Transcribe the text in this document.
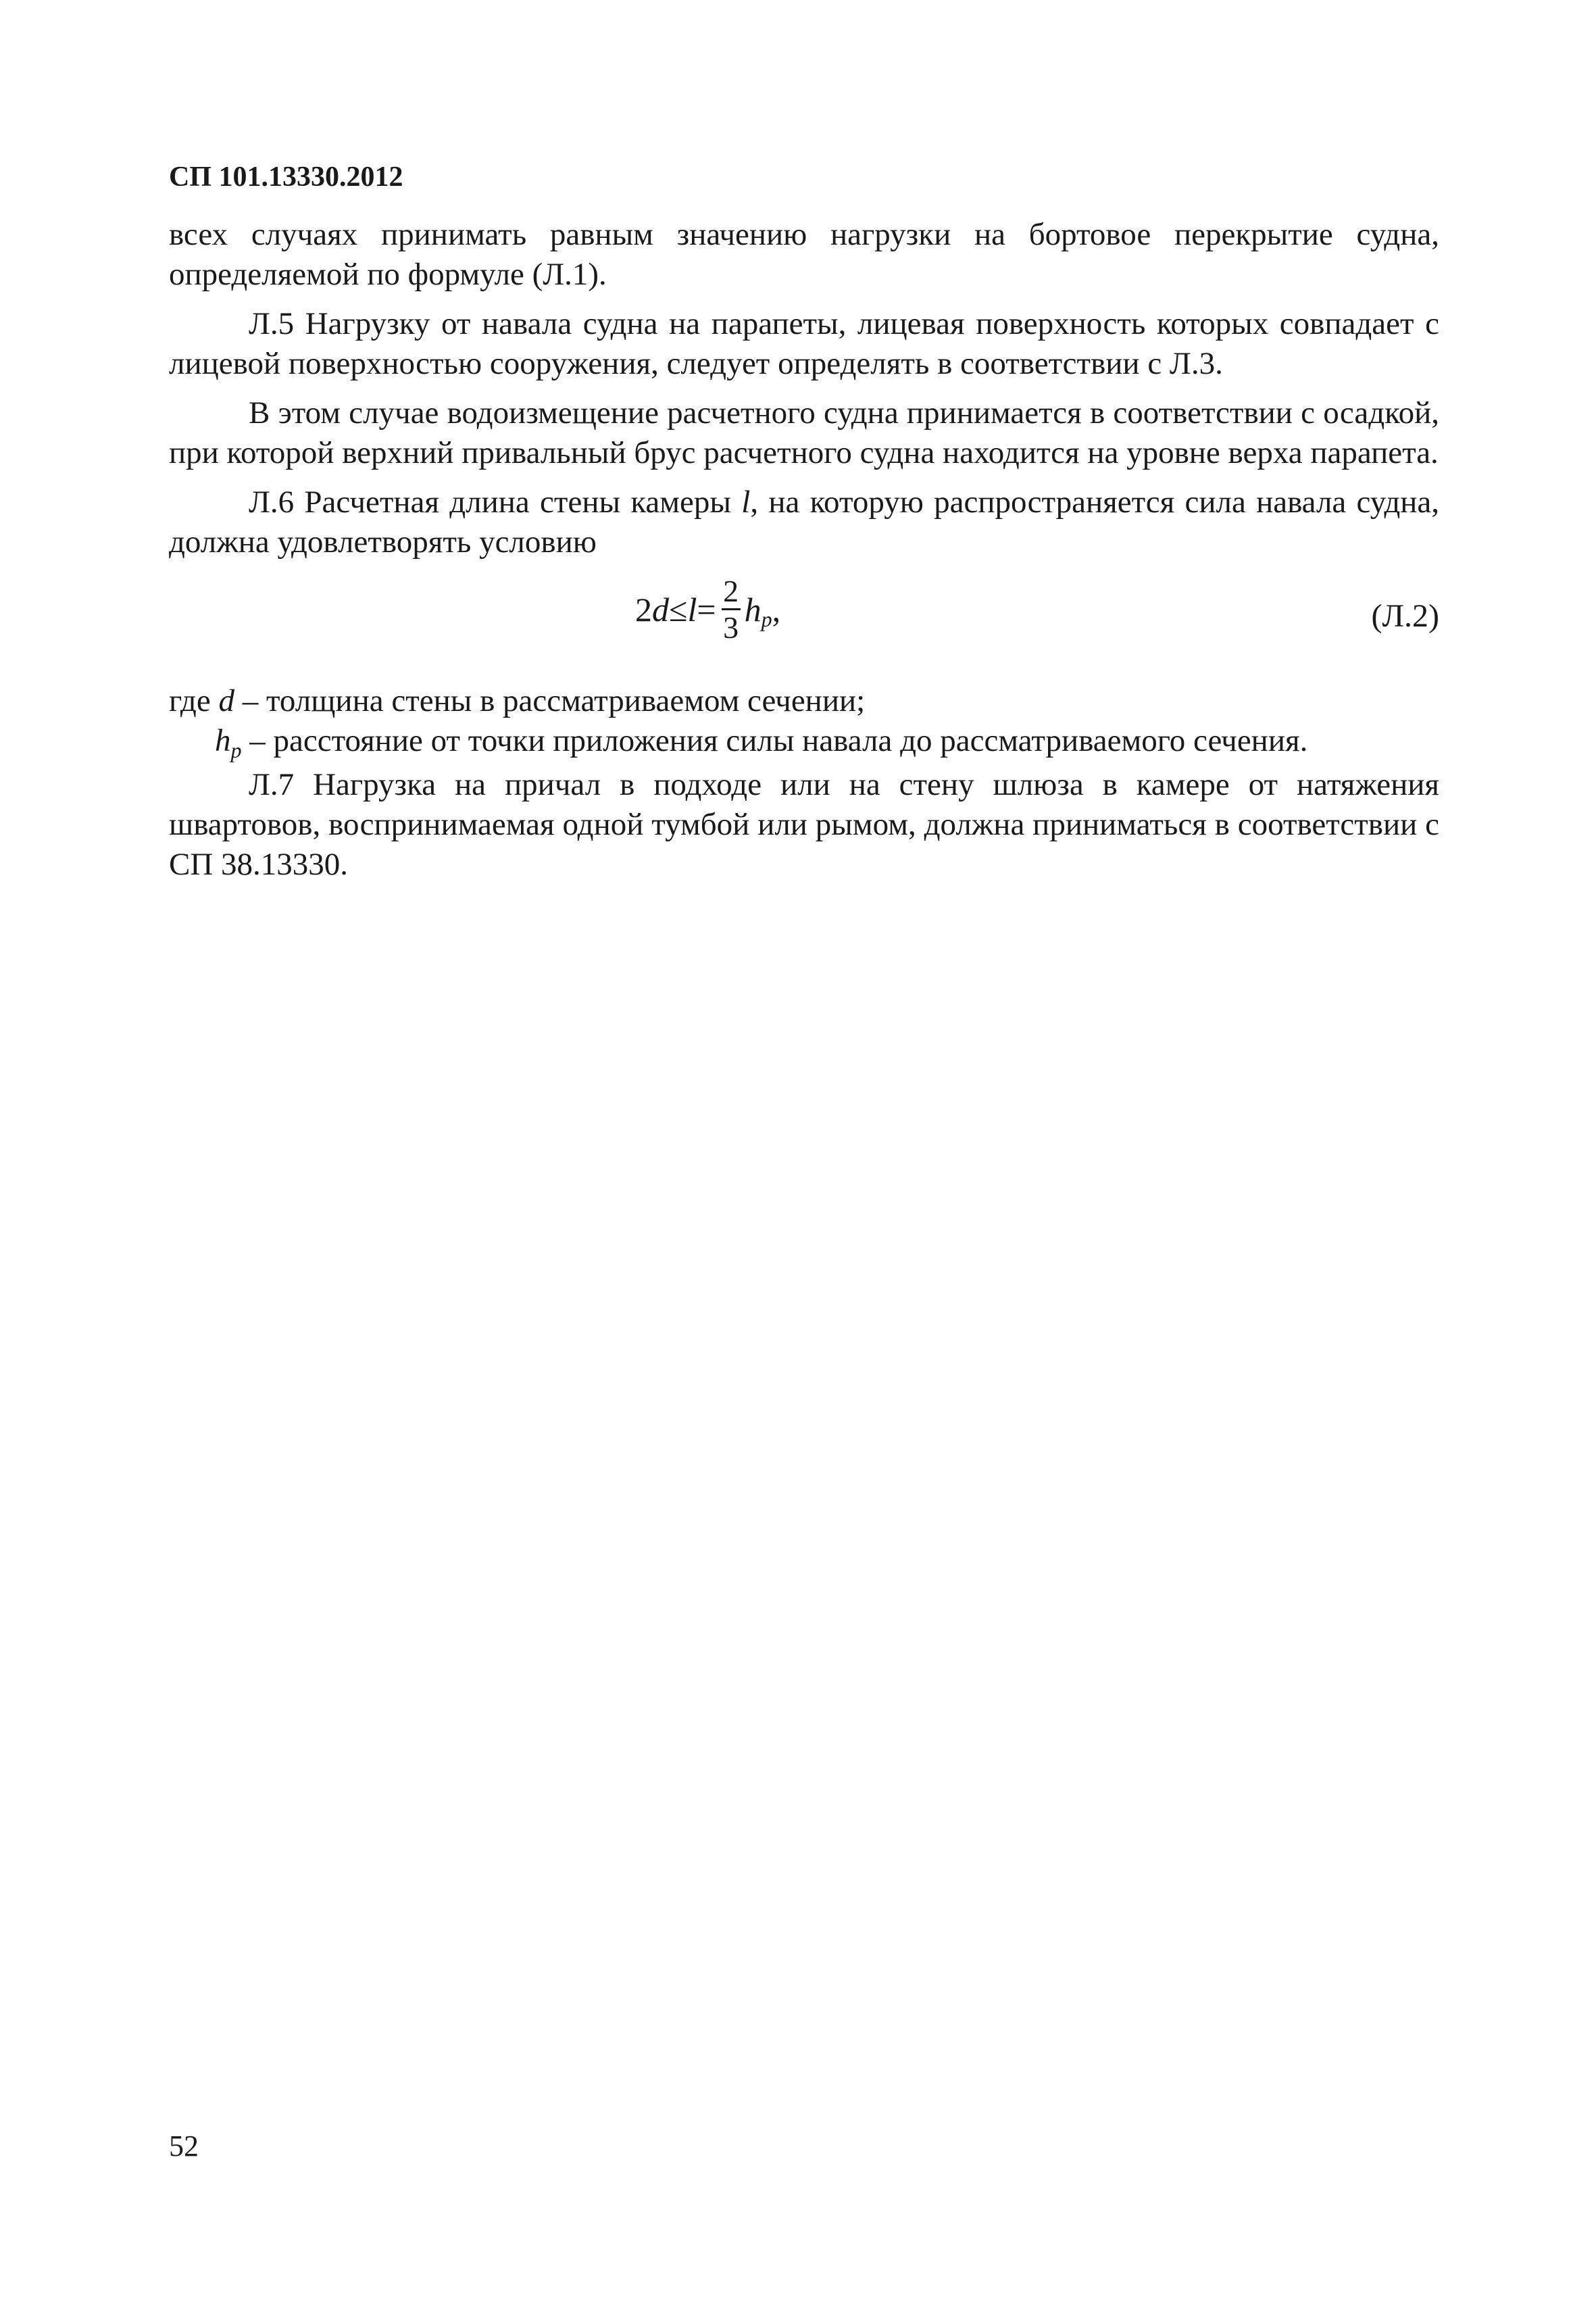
СП 101.13330.2012

всех случаях принимать равным значению нагрузки на бортовое перекрытие судна, определяемой по формуле (Л.1).

Л.5 Нагрузку от навала судна на парапеты, лицевая поверхность которых совпадает с лицевой поверхностью сооружения, следует определять в соответствии с Л.3.

В этом случае водоизмещение расчетного судна принимается в соответствии с осадкой, при которой верхний привальный брус расчетного судна находится на уровне верха парапета.

Л.6 Расчетная длина стены камеры l, на которую распространяется сила навала судна, должна удовлетворять условию

2 $d \le l = \frac{2}{3}$ h p ,	(Л.2)

где d – толщина стены в рассматриваемом сечении;

$h_p$ – расстояние от точки приложения силы навала до рассматриваемого сечения.

Л.7 Нагрузка на причал в подходе или на стену шлюза в камере от натяжения швартовов, воспринимаемая одной тумбой или рымом, должна приниматься в соответствии с СП 38.13330.

52
